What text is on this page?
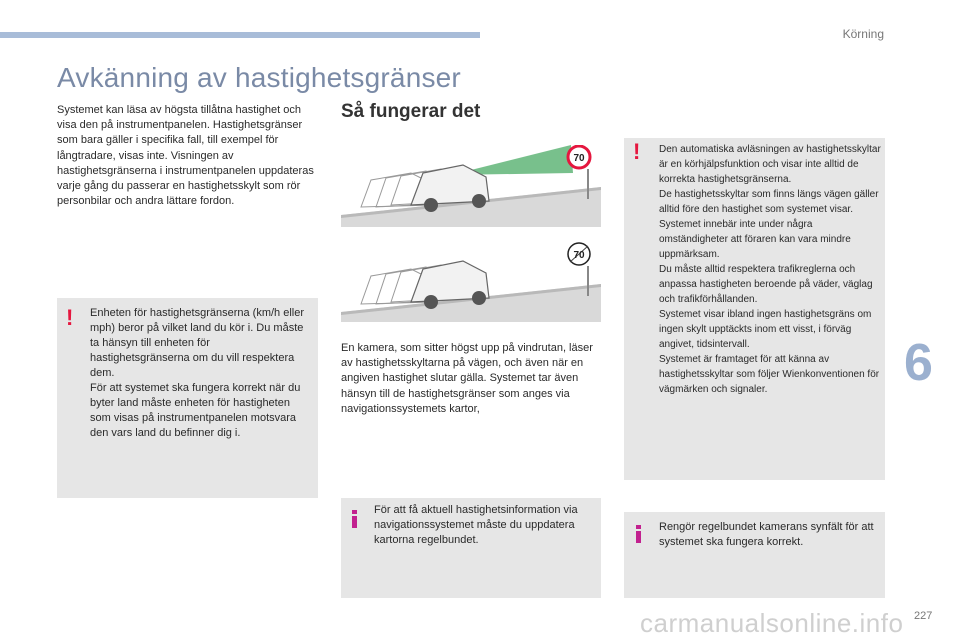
Körning
Avkänning av hastighetsgränser
Systemet kan läsa av högsta tillåtna hastighet och visa den på instrumentpanelen. Hastighetsgränser som bara gäller i specifika fall, till exempel för långtradare, visas inte. Visningen av hastighetsgränserna i instrumentpanelen uppdateras varje gång du passerar en hastighetsskylt som rör personbilar och andra lättare fordon.
! Enheten för hastighetsgränserna (km/h eller mph) beror på vilket land du kör i. Du måste ta hänsyn till enheten för hastighetsgränserna om du vill respektera dem.

För att systemet ska fungera korrekt när du byter land måste enheten för hastigheten som visas på instrumentpanelen motsvara den vars land du befinner dig i.

Så fungerar det
70
70
En kamera, som sitter högst upp på vindrutan, läser av hastighetsskyltarna på vägen, och även när en angiven hastighet slutar gälla. Systemet tar även hänsyn till de hastighetsgränser som anges via navigationssystemets kartor,

För att få aktuell hastighetsinformation via navigationssystemet måste du uppdatera kartorna regelbundet.

! Den automatiska avläsningen av hastighetsskyltar är en körhjälpsfunktion och visar inte alltid de korrekta hastighetsgränserna.

De hastighetsskyltar som finns längs vägen gäller alltid före den hastighet som systemet visar.

Systemet innebär inte under några omständigheter att föraren kan vara mindre uppmärksam.

Du måste alltid respektera trafikreglerna och anpassa hastigheten beroende på väder, väglag och trafikförhållanden.

Systemet visar ibland ingen hastighetsgräns om ingen skylt upptäckts inom ett visst, i förväg angivet, tidsintervall.

Systemet är framtaget för att känna av hastighetsskyltar som följer Wienkonventionen för vägmärken och signaler.

Rengör regelbundet kamerans synfält för att systemet ska fungera korrekt.

6
carmanualsonline.info 227
